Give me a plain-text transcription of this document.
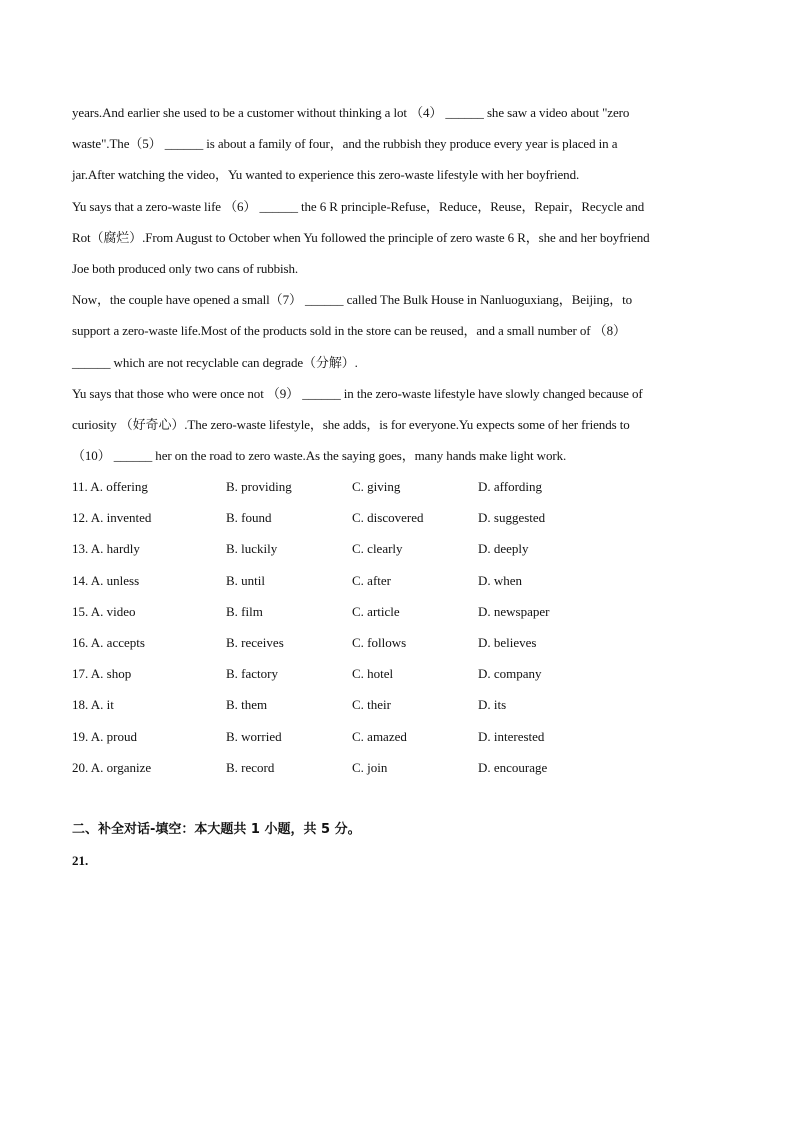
years.And earlier she used to be a customer without thinking a lot （4） ______ she saw a video about "zero
waste".The（5） ______ is about a family of four，and the rubbish they produce every year is placed in a
jar.After watching the video，Yu wanted to experience this zero-waste lifestyle with her boyfriend.
Yu says that a zero-waste life （6） ______ the 6 R principle-Refuse，Reduce，Reuse，Repair，Recycle and
Rot（腐烂）.From August to October when Yu followed the principle of zero waste 6 R，she and her boyfriend
Joe both produced only two cans of rubbish.
Now，the couple have opened a small（7） ______ called The Bulk House in Nanluoguxiang，Beijing，to
support a zero-waste life.Most of the products sold in the store can be reused，and a small number of （8）
______ which are not recyclable can degrade（分解）.
Yu says that those who were once not （9） ______ in the zero-waste lifestyle have slowly changed because of
curiosity （好奇心）.The zero-waste lifestyle，she adds，is for everyone.Yu expects some of her friends to
（10） ______ her on the road to zero waste.As the saying goes，many hands make light work.
11. A. offering	B. providing	C. giving	D. affording
12. A. invented	B. found	C. discovered	D. suggested
13. A. hardly	B. luckily	C. clearly	D. deeply
14. A. unless	B. until	C. after	D. when
15. A. video	B. film	C. article	D. newspaper
16. A. accepts	B. receives	C. follows	D. believes
17. A. shop	B. factory	C. hotel	D. company
18. A. it	B. them	C. their	D. its
19. A. proud	B. worried	C. amazed	D. interested
20. A. organize	B. record	C. join	D. encourage
二、补全对话-填空：本大题共 1 小题，共 5 分。
21.
